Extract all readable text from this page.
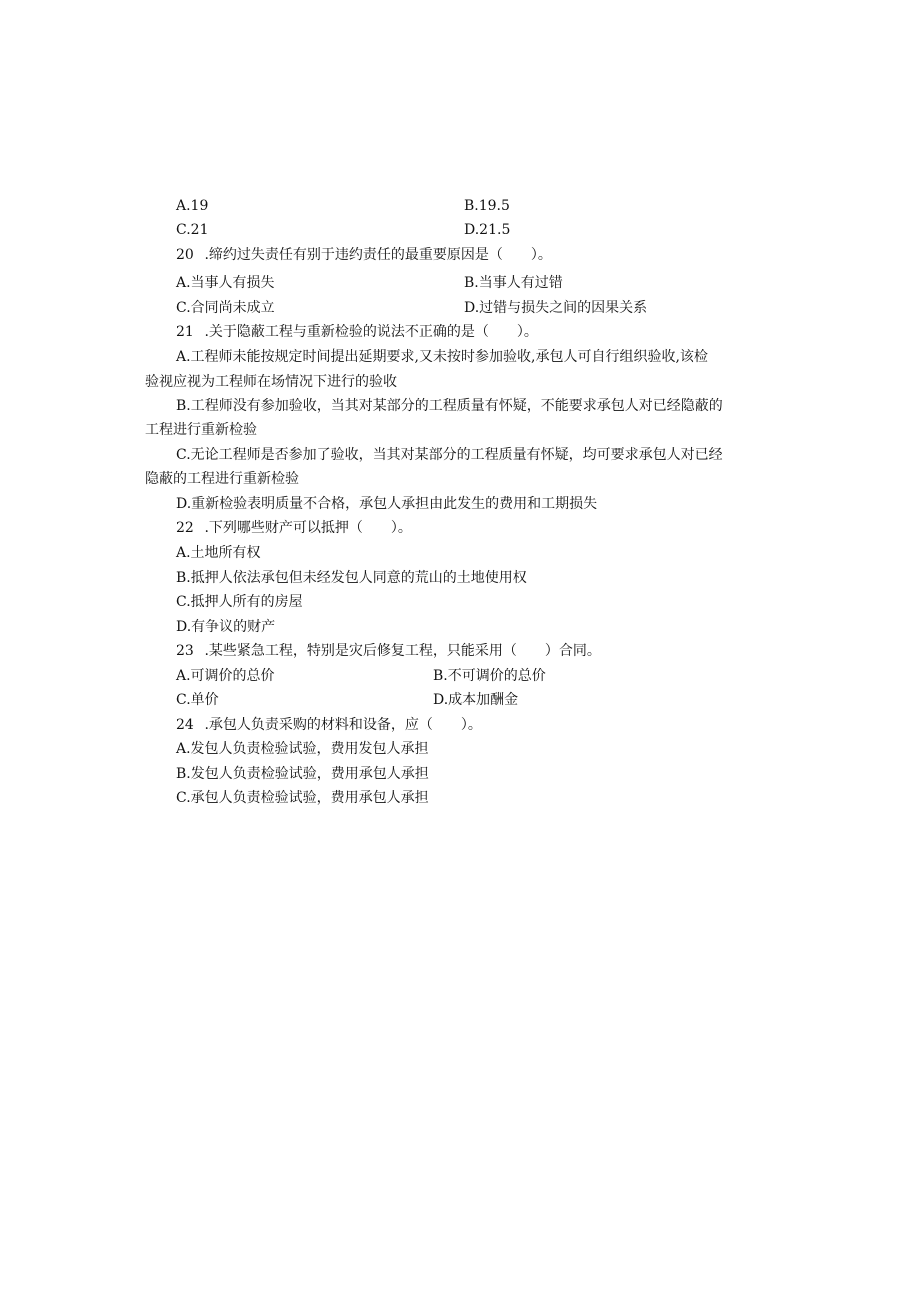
A.19	B.19.5
C.21	D.21.5
20 .缔约过失责任有别于违约责任的最重要原因是（　　）。
A.当事人有损失	B.当事人有过错
C.合同尚未成立	D.过错与损失之间的因果关系
21 .关于隐蔽工程与重新检验的说法不正确的是（　　）。
A.工程师未能按规定时间提出延期要求,又未按时参加验收,承包人可自行组织验收,该检
验视应视为工程师在场情况下进行的验收
B.工程师没有参加验收，当其对某部分的工程质量有怀疑，不能要求承包人对已经隐蔽的
工程进行重新检验
C.无论工程师是否参加了验收，当其对某部分的工程质量有怀疑，均可要求承包人对已经
隐蔽的工程进行重新检验
D.重新检验表明质量不合格，承包人承担由此发生的费用和工期损失
22 .下列哪些财产可以抵押（　　）。
A.土地所有权
B.抵押人依法承包但未经发包人同意的荒山的土地使用权
C.抵押人所有的房屋
D.有争议的财产
23 .某些紧急工程，特别是灾后修复工程，只能采用（　　）合同。
A.可调价的总价	B.不可调价的总价
C.单价	D.成本加酬金
24 .承包人负责采购的材料和设备，应（　　）。
A.发包人负责检验试验，费用发包人承担
B.发包人负责检验试验，费用承包人承担
C.承包人负责检验试验，费用承包人承担
